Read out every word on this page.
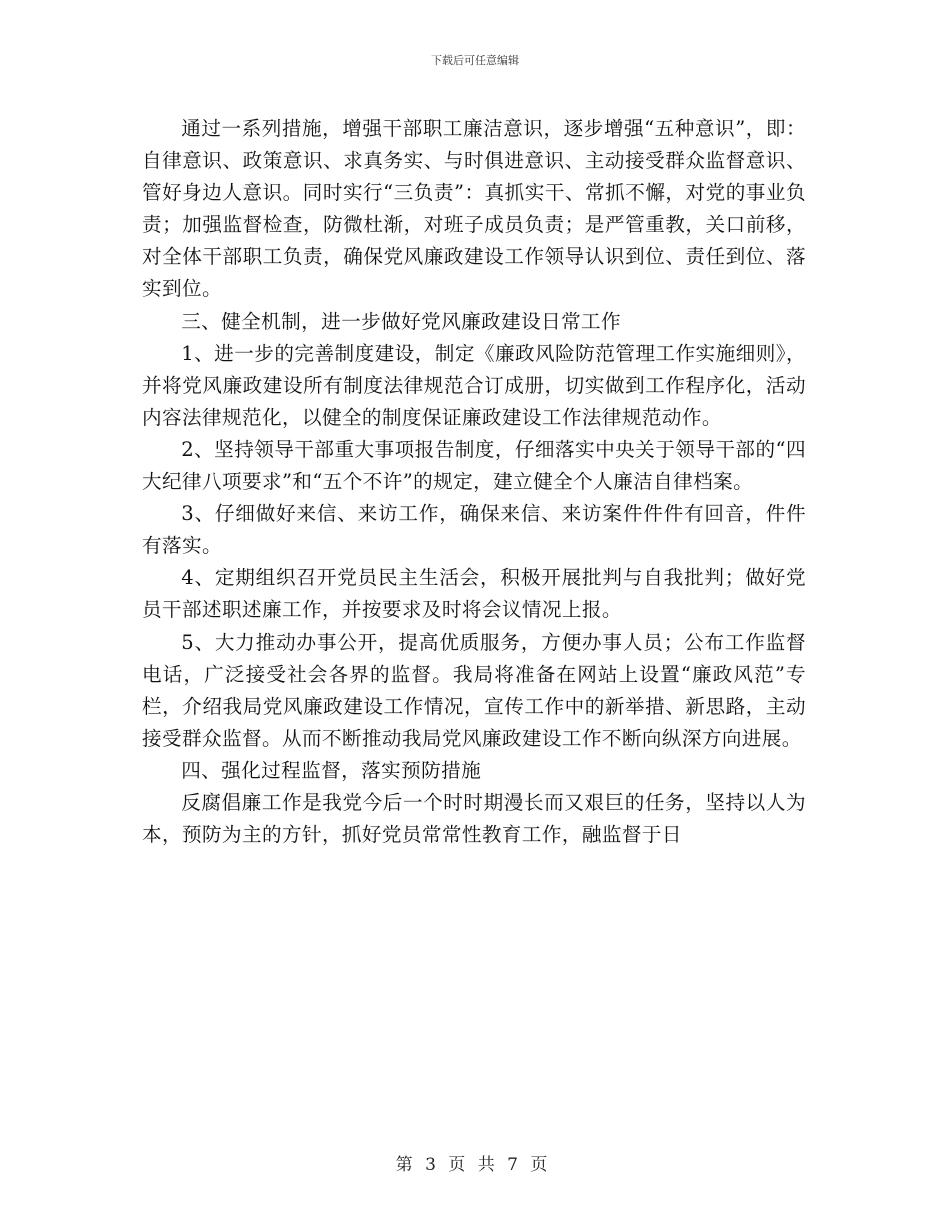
下载后可任意编辑

通过一系列措施，增强干部职工廉洁意识，逐步增强“五种意识”，即：自律意识、政策意识、求真务实、与时俱进意识、主动接受群众监督意识、管好身边人意识。同时实行“三负责”：真抓实干、常抓不懈，对党的事业负责；加强监督检查，防微杜渐，对班子成员负责；是严管重教，关口前移，对全体干部职工负责，确保党风廉政建设工作领导认识到位、责任到位、落实到位。

三、健全机制，进一步做好党风廉政建设日常工作

1、进一步的完善制度建设，制定《廉政风险防范管理工作实施细则》，并将党风廉政建设所有制度法律规范合订成册，切实做到工作程序化，活动内容法律规范化，以健全的制度保证廉政建设工作法律规范动作。

2、坚持领导干部重大事项报告制度，仔细落实中央关于领导干部的“四大纪律八项要求”和“五个不许”的规定，建立健全个人廉洁自律档案。

3、仔细做好来信、来访工作，确保来信、来访案件件件有回音，件件有落实。

4、定期组织召开党员民主生活会，积极开展批判与自我批判；做好党员干部述职述廉工作，并按要求及时将会议情况上报。

5、大力推动办事公开，提高优质服务，方便办事人员；公布工作监督电话，广泛接受社会各界的监督。我局将准备在网站上设置“廉政风范”专栏，介绍我局党风廉政建设工作情况，宣传工作中的新举措、新思路，主动接受群众监督。从而不断推动我局党风廉政建设工作不断向纵深方向进展。

四、强化过程监督，落实预防措施

反腐倡廉工作是我党今后一个时时期漫长而又艰巨的任务，坚持以人为本，预防为主的方针，抓好党员常常性教育工作，融监督于日

第 3 页 共 7 页
